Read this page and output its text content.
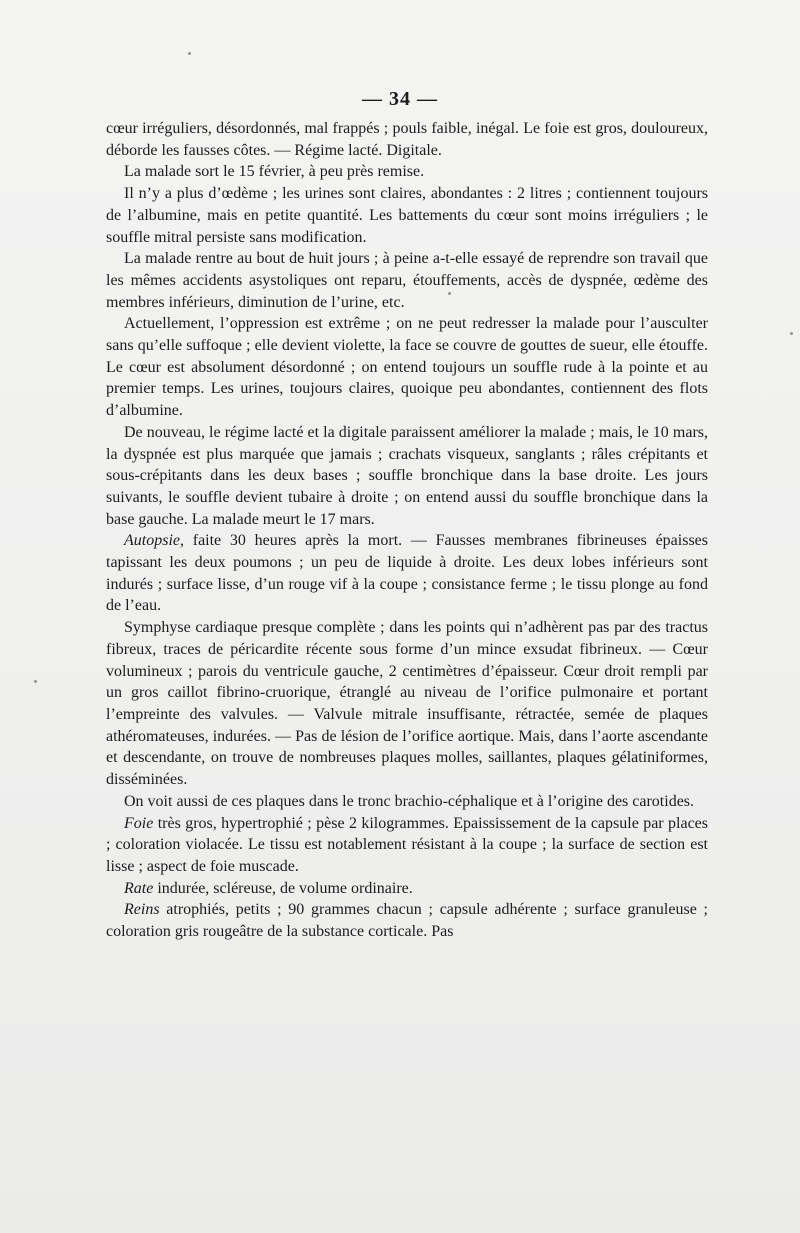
— 34 —

cœur irréguliers, désordonnés, mal frappés ; pouls faible, inégal. Le foie est gros, douloureux, déborde les fausses côtes. — Régime lacté. Digitale.

La malade sort le 15 février, à peu près remise.

Il n’y a plus d’œdème ; les urines sont claires, abondantes : 2 litres ; contiennent toujours de l’albumine, mais en petite quantité. Les battements du cœur sont moins irréguliers ; le souffle mitral persiste sans modification.

La malade rentre au bout de huit jours ; à peine a-t-elle essayé de reprendre son travail que les mêmes accidents asystoliques ont reparu, étouffements, accès de dyspnée, œdème des membres inférieurs, diminution de l’urine, etc.

Actuellement, l’oppression est extrême ; on ne peut redresser la malade pour l’ausculter sans qu’elle suffoque ; elle devient violette, la face se couvre de gouttes de sueur, elle étouffe. Le cœur est absolument désordonné ; on entend toujours un souffle rude à la pointe et au premier temps. Les urines, toujours claires, quoique peu abondantes, contiennent des flots d’albumine.

De nouveau, le régime lacté et la digitale paraissent améliorer la malade ; mais, le 10 mars, la dyspnée est plus marquée que jamais ; crachats visqueux, sanglants ; râles crépitants et sous-crépitants dans les deux bases ; souffle bronchique dans la base droite. Les jours suivants, le souffle devient tubaire à droite ; on entend aussi du souffle bronchique dans la base gauche. La malade meurt le 17 mars.

Autopsie, faite 30 heures après la mort. — Fausses membranes fibrineuses épaisses tapissant les deux poumons ; un peu de liquide à droite. Les deux lobes inférieurs sont indurés ; surface lisse, d’un rouge vif à la coupe ; consistance ferme ; le tissu plonge au fond de l’eau.

Symphyse cardiaque presque complète ; dans les points qui n’adhèrent pas par des tractus fibreux, traces de péricardite récente sous forme d’un mince exsudat fibrineux. — Cœur volumineux ; parois du ventricule gauche, 2 centimètres d’épaisseur. Cœur droit rempli par un gros caillot fibrino-cruorique, étranglé au niveau de l’orifice pulmonaire et portant l’empreinte des valvules. — Valvule mitrale insuffisante, rétractée, semée de plaques athéromateuses, indurées. — Pas de lésion de l’orifice aortique. Mais, dans l’aorte ascendante et descendante, on trouve de nombreuses plaques molles, saillantes, plaques gélatiniformes, disséminées.

On voit aussi de ces plaques dans le tronc brachio-céphalique et à l’origine des carotides.

Foie très gros, hypertrophié ; pèse 2 kilogrammes. Epaississement de la capsule par places ; coloration violacée. Le tissu est notablement résistant à la coupe ; la surface de section est lisse ; aspect de foie muscade.

Rate indurée, scléreuse, de volume ordinaire.

Reins atrophiés, petits ; 90 grammes chacun ; capsule adhérente ; surface granuleuse ; coloration gris rougeâtre de la substance corticale. Pas
